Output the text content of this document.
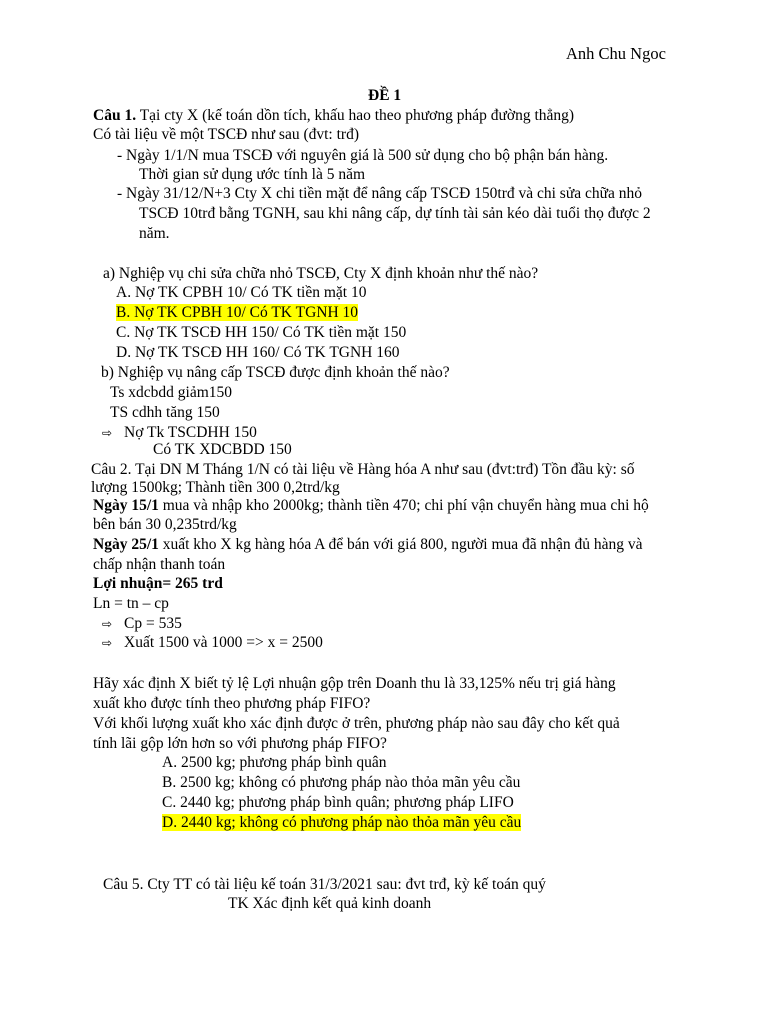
Anh Chu Ngoc
ĐỀ 1
Câu 1. Tại cty X (kế toán dồn tích, khấu hao theo phương pháp đường thẳng)
Có tài liệu về một TSCĐ như sau (đvt: trđ)
- Ngày 1/1/N mua TSCĐ với nguyên giá là 500 sử dụng cho bộ phận bán hàng.
Thời gian sử dụng ước tính là 5 năm
- Ngày 31/12/N+3 Cty X chi tiền mặt để nâng cấp TSCĐ 150trđ và chi sửa chữa nhỏ
TSCĐ 10trđ bằng TGNH, sau khi nâng cấp, dự tính tài sản kéo dài tuổi thọ được 2
năm.
a) Nghiệp vụ chi sửa chữa nhỏ TSCĐ, Cty X định khoản như thế nào?
A. Nợ TK CPBH 10/ Có TK tiền mặt 10
B. Nợ TK CPBH 10/ Có TK TGNH 10
C. Nợ TK TSCĐ HH 150/ Có TK tiền mặt 150
D. Nợ TK TSCĐ HH 160/ Có TK TGNH 160
b) Nghiệp vụ nâng cấp TSCĐ được định khoản thế nào?
Ts xdcbdd giảm150
TS cdhh tăng 150
⇨ Nợ Tk TSCDHH 150
Có TK XDCBDD 150
Câu 2. Tại DN M Tháng 1/N có tài liệu về Hàng hóa A như sau (đvt:trđ) Tồn đầu kỳ: số
lượng 1500kg; Thành tiền 300 0,2trd/kg
Ngày 15/1 mua và nhập kho 2000kg; thành tiền 470; chi phí vận chuyển hàng mua chi hộ
bên bán 30 0,235trd/kg
Ngày 25/1 xuất kho X kg hàng hóa A để bán với giá 800, người mua đã nhận đủ hàng và
chấp nhận thanh toán
Lợi nhuận= 265 trd
Ln = tn – cp
⇨ Cp = 535
⇨ Xuất 1500 và 1000 => x = 2500
Hãy xác định X biết tỷ lệ Lợi nhuận gộp trên Doanh thu là 33,125% nếu trị giá hàng
xuất kho được tính theo phương pháp FIFO?
Với khối lượng xuất kho xác định được ở trên, phương pháp nào sau đây cho kết quả
tính lãi gộp lớn hơn so với phương pháp FIFO?
A. 2500 kg; phương pháp bình quân
B. 2500 kg; không có phương pháp nào thỏa mãn yêu cầu
C. 2440 kg; phương pháp bình quân; phương pháp LIFO
D. 2440 kg; không có phương pháp nào thỏa mãn yêu cầu
Câu 5. Cty TT có tài liệu kế toán 31/3/2021 sau: đvt trđ, kỳ kế toán quý
TK Xác định kết quả kinh doanh
